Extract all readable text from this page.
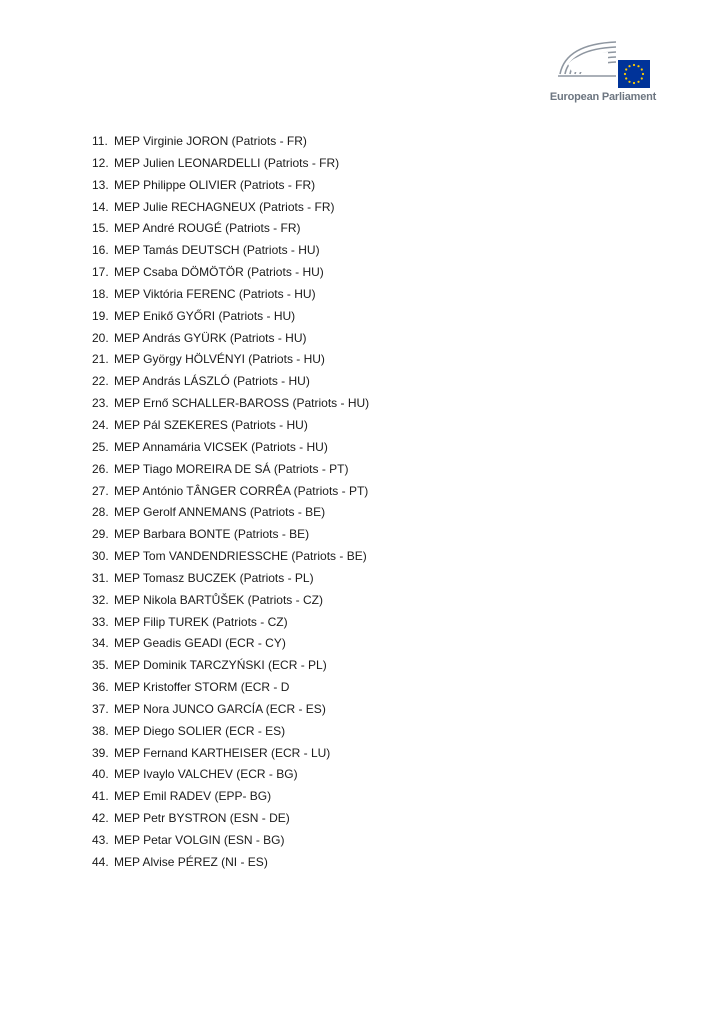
European Parliament
11. MEP Virginie JORON (Patriots - FR)
12. MEP Julien LEONARDELLI (Patriots - FR)
13. MEP Philippe OLIVIER (Patriots - FR)
14. MEP Julie RECHAGNEUX (Patriots - FR)
15. MEP André ROUGÉ (Patriots - FR)
16. MEP Tamás DEUTSCH (Patriots - HU)
17. MEP Csaba DÖMÖTÖR (Patriots - HU)
18. MEP Viktória FERENC (Patriots - HU)
19. MEP Enikő GYŐRI (Patriots - HU)
20. MEP András GYÜRK (Patriots - HU)
21. MEP György HÖLVÉNYI (Patriots - HU)
22. MEP András LÁSZLÓ (Patriots - HU)
23. MEP Ernő SCHALLER-BAROSS (Patriots - HU)
24. MEP Pál SZEKERES (Patriots - HU)
25. MEP Annamária VICSEK (Patriots - HU)
26. MEP Tiago MOREIRA DE SÁ (Patriots - PT)
27. MEP António TÂNGER CORRÊA (Patriots - PT)
28. MEP Gerolf ANNEMANS (Patriots - BE)
29. MEP Barbara BONTE (Patriots - BE)
30. MEP Tom VANDENDRIESSCHE (Patriots - BE)
31. MEP Tomasz BUCZEK (Patriots - PL)
32. MEP Nikola BARTŮŠEK (Patriots - CZ)
33. MEP Filip TUREK (Patriots - CZ)
34. MEP Geadis GEADI (ECR - CY)
35. MEP Dominik TARCZYŃSKI (ECR - PL)
36. MEP Kristoffer STORM (ECR - D
37. MEP Nora JUNCO GARCÍA (ECR - ES)
38. MEP Diego SOLIER (ECR - ES)
39. MEP Fernand KARTHEISER (ECR - LU)
40. MEP Ivaylo VALCHEV (ECR - BG)
41. MEP Emil RADEV (EPP- BG)
42. MEP Petr BYSTRON (ESN - DE)
43. MEP Petar VOLGIN (ESN - BG)
44. MEP Alvise PÉREZ (NI - ES)
